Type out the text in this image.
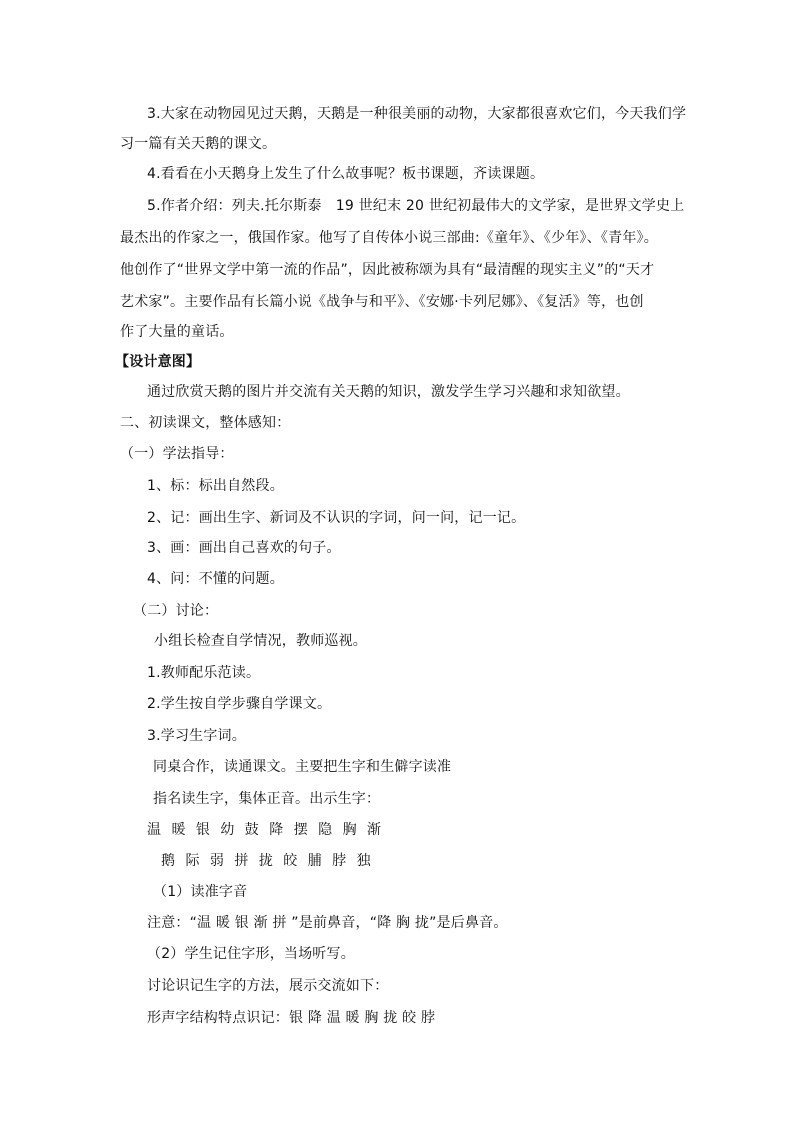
3.大家在动物园见过天鹅，天鹅是一种很美丽的动物，大家都很喜欢它们，今天我们学
习一篇有关天鹅的课文。
4.看看在小天鹅身上发生了什么故事呢？板书课题，齐读课题。
5.作者介绍：列夫.托尔斯泰　19 世纪末 20 世纪初最伟大的文学家，是世界文学史上
最杰出的作家之一，俄国作家。他写了自传体小说三部曲:《童年》、《少年》、《青年》。
他创作了“世界文学中第一流的作品”，因此被称颂为具有“最清醒的现实主义”的“天才
艺术家”。主要作品有长篇小说《战争与和平》、《安娜·卡列尼娜》、《复活》等，也创
作了大量的童话。
【设计意图】
通过欣赏天鹅的图片并交流有关天鹅的知识，激发学生学习兴趣和求知欲望。
二、初读课文，整体感知：
（一）学法指导：
1、标：标出自然段。
2、记：画出生字、新词及不认识的字词，问一问，记一记。
3、画：画出自己喜欢的句子。
4、问：不懂的问题。
（二）讨论：
小组长检查自学情况，教师巡视。
1.教师配乐范读。
2.学生按自学步骤自学课文。
3.学习生字词。
同桌合作，读通课文。主要把生字和生僻字读准
指名读生字，集体正音。出示生字：
温 暖 银 幼 鼓 降 摆 隐 胸 渐
鹅 际 弱 拼 拢 皎 脯 脖 独
（1）读准字音
注意：“温 暖 银 渐 拼 ”是前鼻音，“降 胸 拢”是后鼻音。
（2）学生记住字形，当场听写。
讨论识记生字的方法，展示交流如下：
形声字结构特点识记：银 降 温 暖 胸 拢 皎 脖
